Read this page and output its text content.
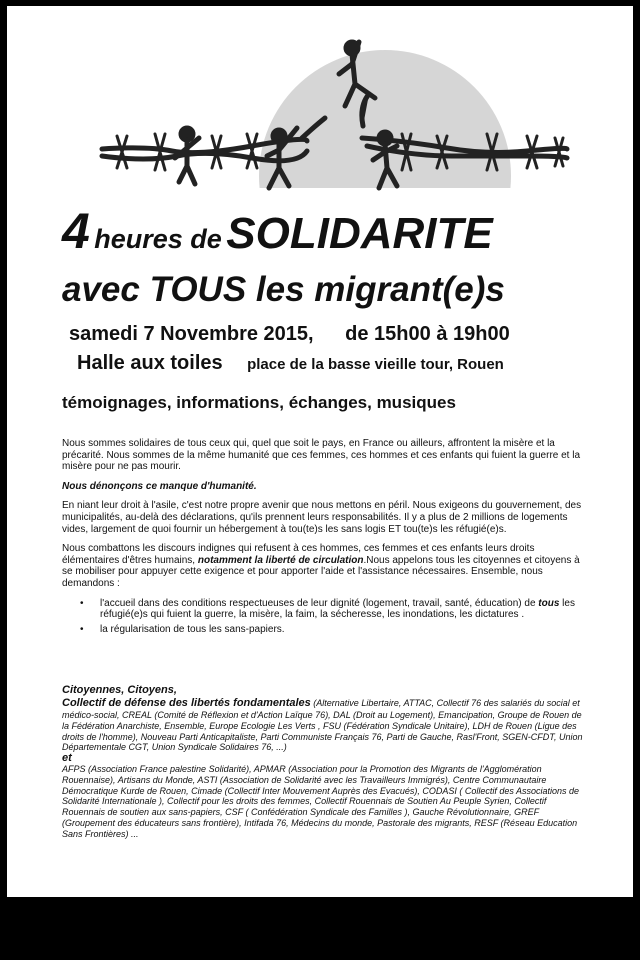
4 heures de SOLIDARITE
avec TOUS les migrant(e)s
samedi 7 Novembre 2015, de 15h00 à 19h00
Halle aux toiles place de la basse vieille tour, Rouen
témoignages, informations, échanges, musiques

Nous sommes solidaires de tous ceux qui, quel que soit le pays, en France ou ailleurs, affrontent la misère et la précarité. Nous sommes de la même humanité que ces femmes, ces hommes et ces enfants qui fuient la guerre et la misère pour ne pas mourir.

Nous dénonçons ce manque d'humanité.

En niant leur droit à l'asile, c'est notre propre avenir que nous mettons en péril. Nous exigeons du gouvernement, des municipalités, au-delà des déclarations, qu'ils prennent leurs responsabilités. Il y a plus de 2 millions de logements vides, largement de quoi fournir un hébergement à tou(te)s les sans logis ET tou(te)s les réfugié(e)s.

Nous combattons les discours indignes qui refusent à ces hommes, ces femmes et ces enfants leurs droits élémentaires d'êtres humains, notamment la liberté de circulation.Nous appelons tous les citoyennes et citoyens à se mobiliser pour appuyer cette exigence et pour apporter l'aide et l'assistance nécessaires. Ensemble, nous demandons :

• l'accueil dans des conditions respectueuses de leur dignité (logement, travail, santé, éducation) de tous les réfugié(e)s qui fuient la guerre, la misère, la faim, la sécheresse, les inondations, les dictatures .
• la régularisation de tous les sans-papiers.
Citoyennes, Citoyens,
Collectif de défense des libertés fondamentales (Alternative Libertaire, ATTAC, Collectif 76 des salariés du social et médico-social, CREAL (Comité de Réflexion et d'Action Laïque 76), DAL (Droit au Logement), Emancipation, Groupe de Rouen de la Fédération Anarchiste, Ensemble, Europe Ecologie Les Verts , FSU (Fédération Syndicale Unitaire), LDH de Rouen (Ligue des droits de l'homme), Nouveau Parti Anticapitaliste, Parti Communiste Français 76, Parti de Gauche, Rasl'Front, SGEN-CFDT, Union Départementale CGT, Union Syndicale Solidaires 76, ...)
et
AFPS (Association France palestine Solidarité), APMAR (Association pour la Promotion des Migrants de l'Agglomération Rouennaise), Artisans du Monde, ASTI (Association de Solidarité avec les Travailleurs Immigrés), Centre Communautaire Démocratique Kurde de Rouen, Cimade (Collectif Inter Mouvement Auprès des Evacués), CODASI ( Collectif des Associations de Solidarité Internationale ), Collectif pour les droits des femmes, Collectif Rouennais de Soutien Au Peuple Syrien, Collectif Rouennais de soutien aux sans-papiers, CSF ( Confédération Syndicale des Familles ), Gauche Révolutionnaire, GREF (Groupement des éducateurs sans frontière), Intifada 76, Médecins du monde, Pastorale des migrants, RESF (Réseau Education Sans Frontières) ...
